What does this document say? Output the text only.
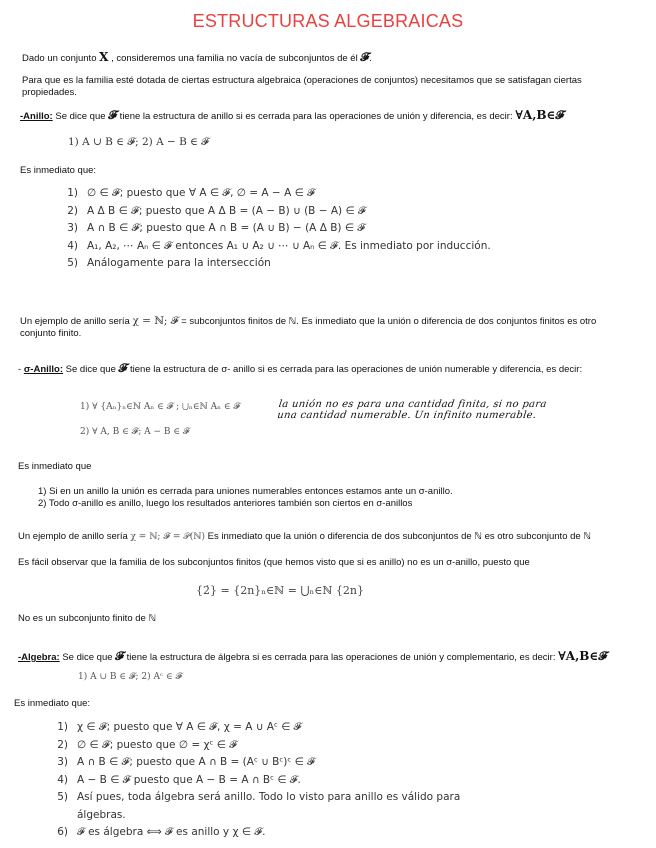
ESTRUCTURAS ALGEBRAICAS
Dado un conjunto X , consideremos una familia no vacía de subconjuntos de él 𝓕.
Para que es la familia esté dotada de ciertas estructura algebraica (operaciones de conjuntos) necesitamos que se satisfagan ciertas propiedades.
-Anillo: Se dice que 𝓕 tiene la estructura de anillo si es cerrada para las operaciones de unión y diferencia, es decir: ∀A,B∈𝓕
1) A ∪ B ∈ 𝓕; 2) A − B ∈ 𝓕
Es inmediato que:
1) ∅ ∈ 𝓕; puesto que ∀ A ∈ 𝓕, ∅ = A − A ∈ 𝓕
2) A Δ B ∈ 𝓕; puesto que A Δ B = (A − B) ∪ (B − A) ∈ 𝓕
3) A ∩ B ∈ 𝓕; puesto que A ∩ B = (A ∪ B) − (A Δ B) ∈ 𝓕
4) A₁, A₂, ⋯ Aₙ ∈ 𝓕 entonces A₁ ∪ A₂ ∪ ⋯ ∪ Aₙ ∈ 𝓕. Es inmediato por inducción.
5) Análogamente para la intersección
Un ejemplo de anillo sería χ = ℕ; 𝓕 = subconjuntos finitos de ℕ. Es inmediato que la unión o diferencia de dos conjuntos finitos es otro conjunto finito.
- σ-Anillo: Se dice que 𝓕 tiene la estructura de σ- anillo si es cerrada para las operaciones de unión numerable y diferencia, es decir:
1) ∀ {Aₙ}ₙ∈ℕ Aₙ ∈ 𝓕 ; ⋃ₙ∈ℕ Aₙ ∈ 𝓕
2) ∀ A, B ∈ 𝓕; A − B ∈ 𝓕
la unión no es para una cantidad finita, si no para una cantidad numerable. Un infinito numerable.
Es inmediato que
1) Si en un anillo la unión es cerrada para uniones numerables entonces estamos ante un σ-anillo.
2) Todo σ-anillo es anillo, luego los resultados anteriores también son ciertos en σ-anillos
Un ejemplo de anillo sería χ = ℕ; 𝓕 = 𝒫(ℕ) Es inmediato que la unión o diferencia de dos subconjuntos de ℕ es otro subconjunto de ℕ
Es fácil observar que la familia de los subconjuntos finitos (que hemos visto que si es anillo) no es un σ-anillo, puesto que
{2̇} = {2n}ₙ∈ℕ = ⋃ₙ∈ℕ {2n}
No es un subconjunto finito de ℕ
-Algebra: Se dice que 𝓕 tiene la estructura de álgebra si es cerrada para las operaciones de unión y complementario, es decir: ∀A,B∈𝓕
1) A ∪ B ∈ 𝓕; 2) Aᶜ ∈ 𝓕
Es inmediato que:
1) χ ∈ 𝓕; puesto que ∀ A ∈ 𝓕, χ = A ∪ Aᶜ ∈ 𝓕
2) ∅ ∈ 𝓕; puesto que ∅ = χᶜ ∈ 𝓕
3) A ∩ B ∈ 𝓕; puesto que A ∩ B = (Aᶜ ∪ Bᶜ)ᶜ ∈ 𝓕
4) A − B ∈ 𝓕 puesto que A − B = A ∩ Bᶜ ∈ 𝓕.
5) Así pues, toda álgebra será anillo. Todo lo visto para anillo es válido para álgebras.
6) 𝓕 es álgebra ⟺ 𝓕 es anillo y χ ∈ 𝓕.
